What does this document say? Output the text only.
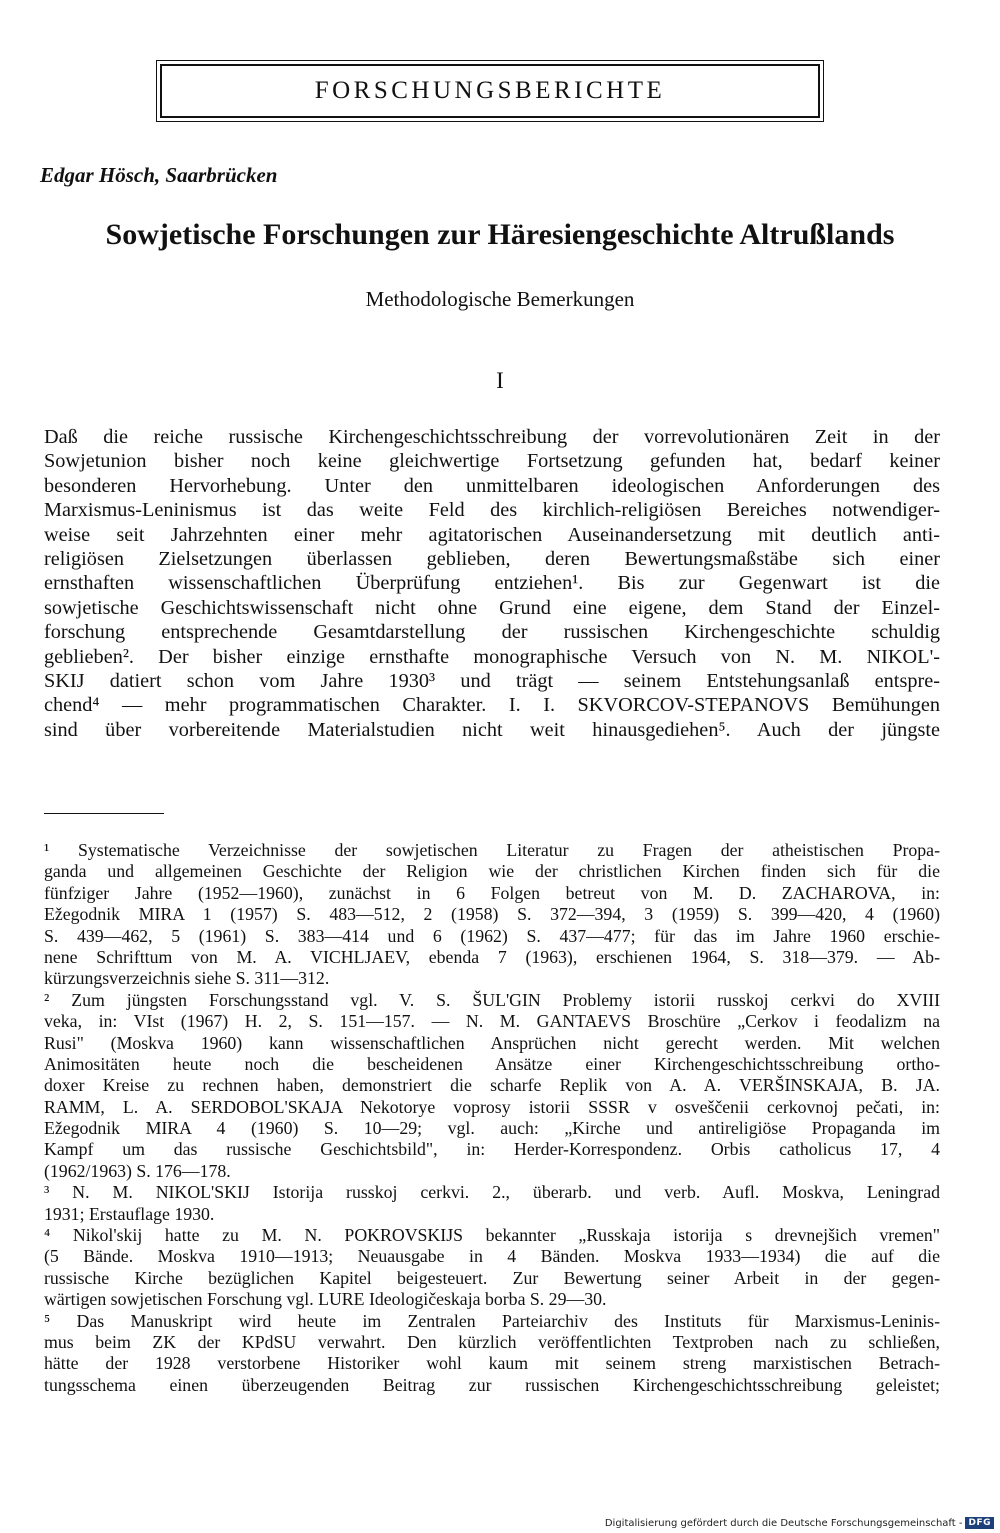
FORSCHUNGSBERICHTE
Edgar Hösch, Saarbrücken
Sowjetische Forschungen zur Häresiengeschichte Altrußlands
Methodologische Bemerkungen
I
Daß die reiche russische Kirchengeschichtsschreibung der vorrevolutionären Zeit in der
Sowjetunion bisher noch keine gleichwertige Fortsetzung gefunden hat, bedarf keiner
besonderen Hervorhebung. Unter den unmittelbaren ideologischen Anforderungen des
Marxismus-Leninismus ist das weite Feld des kirchlich-religiösen Bereiches notwendiger-
weise seit Jahrzehnten einer mehr agitatorischen Auseinandersetzung mit deutlich anti-
religiösen Zielsetzungen überlassen geblieben, deren Bewertungsmaßstäbe sich einer
ernsthaften wissenschaftlichen Überprüfung entziehen¹. Bis zur Gegenwart ist die
sowjetische Geschichtswissenschaft nicht ohne Grund eine eigene, dem Stand der Einzel-
forschung entsprechende Gesamtdarstellung der russischen Kirchengeschichte schuldig
geblieben². Der bisher einzige ernsthafte monographische Versuch von N. M. NIKOL'-
SKIJ datiert schon vom Jahre 1930³ und trägt — seinem Entstehungsanlaß entspre-
chend⁴ — mehr programmatischen Charakter. I. I. SKVORCOV-STEPANOVS Bemühungen
sind über vorbereitende Materialstudien nicht weit hinausgediehen⁵. Auch der jüngste
¹ Systematische Verzeichnisse der sowjetischen Literatur zu Fragen der atheistischen Propa-
ganda und allgemeinen Geschichte der Religion wie der christlichen Kirchen finden sich für die
fünfziger Jahre (1952—1960), zunächst in 6 Folgen betreut von M. D. ZACHAROVA, in:
Ežegodnik MIRA 1 (1957) S. 483—512, 2 (1958) S. 372—394, 3 (1959) S. 399—420, 4 (1960)
S. 439—462, 5 (1961) S. 383—414 und 6 (1962) S. 437—477; für das im Jahre 1960 erschie-
nene Schrifttum von M. A. VICHLJAEV, ebenda 7 (1963), erschienen 1964, S. 318—379. — Ab-
kürzungsverzeichnis siehe S. 311—312.
² Zum jüngsten Forschungsstand vgl. V. S. ŠUL'GIN Problemy istorii russkoj cerkvi do XVIII
veka, in: VIst (1967) H. 2, S. 151—157. — N. M. GANTAEVS Broschüre „Cerkov i feodalizm na
Rusi" (Moskva 1960) kann wissenschaftlichen Ansprüchen nicht gerecht werden. Mit welchen
Animositäten heute noch die bescheidenen Ansätze einer Kirchengeschichtsschreibung ortho-
doxer Kreise zu rechnen haben, demonstriert die scharfe Replik von A. A. VERŠINSKAJA, B. JA.
RAMM, L. A. SERDOBOL'SKAJA Nekotorye voprosy istorii SSSR v osveščenii cerkovnoj pečati, in:
Ežegodnik MIRA 4 (1960) S. 10—29; vgl. auch: „Kirche und antireligiöse Propaganda im
Kampf um das russische Geschichtsbild", in: Herder-Korrespondenz. Orbis catholicus 17, 4
(1962/1963) S. 176—178.
³ N. M. NIKOL'SKIJ Istorija russkoj cerkvi. 2., überarb. und verb. Aufl. Moskva, Leningrad
1931; Erstauflage 1930.
⁴ Nikol'skij hatte zu M. N. POKROVSKIJS bekannter „Russkaja istorija s drevnejšich vremen"
(5 Bände. Moskva 1910—1913; Neuausgabe in 4 Bänden. Moskva 1933—1934) die auf die
russische Kirche bezüglichen Kapitel beigesteuert. Zur Bewertung seiner Arbeit in der gegen-
wärtigen sowjetischen Forschung vgl. LURE Ideologičeskaja borba S. 29—30.
⁵ Das Manuskript wird heute im Zentralen Parteiarchiv des Instituts für Marxismus-Leninis-
mus beim ZK der KPdSU verwahrt. Den kürzlich veröffentlichten Textproben nach zu schließen,
hätte der 1928 verstorbene Historiker wohl kaum mit seinem streng marxistischen Betrach-
tungsschema einen überzeugenden Beitrag zur russischen Kirchengeschichtsschreibung geleistet;
Digitalisierung gefördert durch die Deutsche Forschungsgemeinschaft - DFG
